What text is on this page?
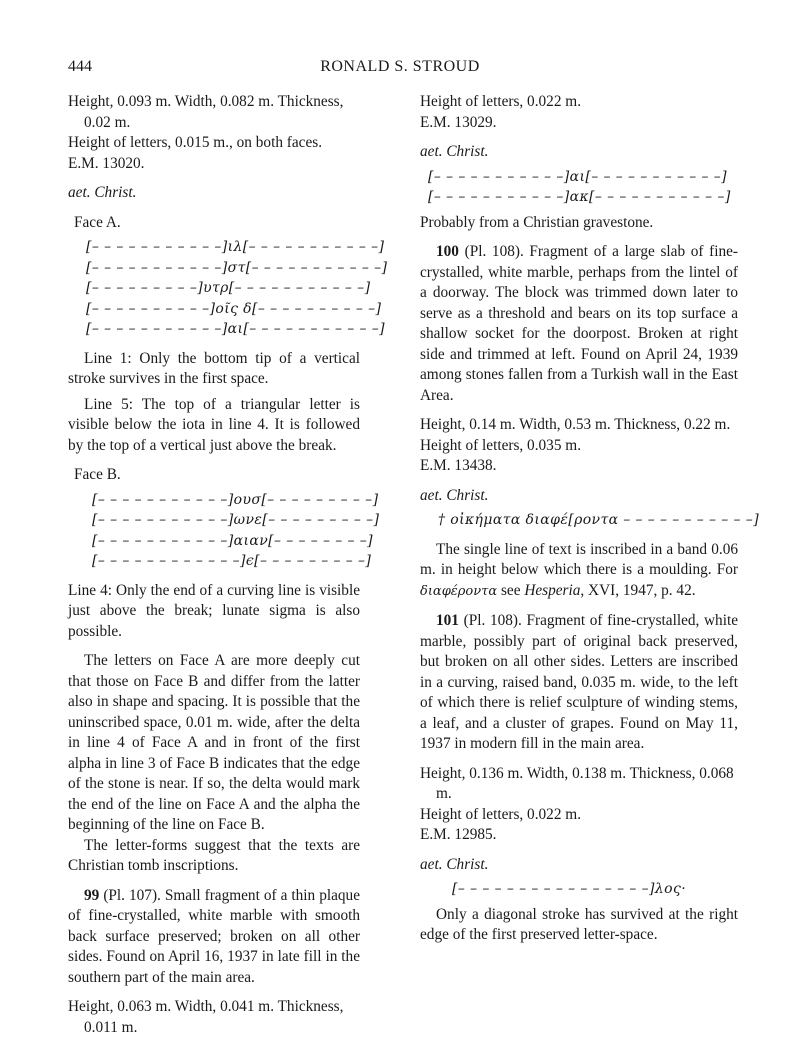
444	RONALD S. STROUD

Height, 0.093 m. Width, 0.082 m. Thickness, 0.02 m.

Height of letters, 0.015 m., on both faces.

E.M. 13020.

aet. Christ.

Face A.

[– – – – – – – – – – –]ιλ[– – – – – – – – – – –]
[– – – – – – – – – – –]στ[– – – – – – – – – – –]
[– – – – – – – – –]υτρ[– – – – – – – – – – –]
[– – – – – – – – – –]οῖς δ[– – – – – – – – – –]
[– – – – – – – – – – –]αι[– – – – – – – – – – –]

Line 1: Only the bottom tip of a vertical stroke survives in the first space.

Line 5: The top of a triangular letter is visible below the iota in line 4. It is followed by the top of a vertical just above the break.

Face B.

[– – – – – – – – – – –]ουσ[– – – – – – – – –]
[– – – – – – – – – – –]ωνε[– – – – – – – – –]
[– – – – – – – – – – –]αιαν[– – – – – – – –]
[– – – – – – – – – – – –]ϵ[– – – – – – – – –]

Line 4: Only the end of a curving line is visible just above the break; lunate sigma is also possible.

The letters on Face A are more deeply cut that those on Face B and differ from the latter also in shape and spacing. It is possible that the uninscribed space, 0.01 m. wide, after the delta in line 4 of Face A and in front of the first alpha in line 3 of Face B indicates that the edge of the stone is near. If so, the delta would mark the end of the line on Face A and the alpha the beginning of the line on Face B.

The letter-forms suggest that the texts are Christian tomb inscriptions.

99 (Pl. 107). Small fragment of a thin plaque of fine-crystalled, white marble with smooth back surface preserved; broken on all other sides. Found on April 16, 1937 in late fill in the southern part of the main area.

Height, 0.063 m. Width, 0.041 m. Thickness, 0.011 m.

Height of letters, 0.022 m.

E.M. 13029.

aet. Christ.

[– – – – – – – – – – –]αι[– – – – – – – – – – –]
[– – – – – – – – – – –]ακ[– – – – – – – – – – –]

Probably from a Christian gravestone.

100 (Pl. 108). Fragment of a large slab of fine-crystalled, white marble, perhaps from the lintel of a doorway. The block was trimmed down later to serve as a threshold and bears on its top surface a shallow socket for the doorpost. Broken at right side and trimmed at left. Found on April 24, 1939 among stones fallen from a Turkish wall in the East Area.

Height, 0.14 m. Width, 0.53 m. Thickness, 0.22 m.

Height of letters, 0.035 m.

E.M. 13438.

aet. Christ.

† οἰκήματα διαφέ[ροντα – – – – – – – – – – –]

The single line of text is inscribed in a band 0.06 m. in height below which there is a moulding. For διαφέροντα see Hesperia, XVI, 1947, p. 42.

101 (Pl. 108). Fragment of fine-crystalled, white marble, possibly part of original back preserved, but broken on all other sides. Letters are inscribed in a curving, raised band, 0.035 m. wide, to the left of which there is relief sculpture of winding stems, a leaf, and a cluster of grapes. Found on May 11, 1937 in modern fill in the main area.

Height, 0.136 m. Width, 0.138 m. Thickness, 0.068 m.

Height of letters, 0.022 m.

E.M. 12985.

aet. Christ.

[– – – – – – – – – – – – – – – –]λος·

Only a diagonal stroke has survived at the right edge of the first preserved letter-space.
